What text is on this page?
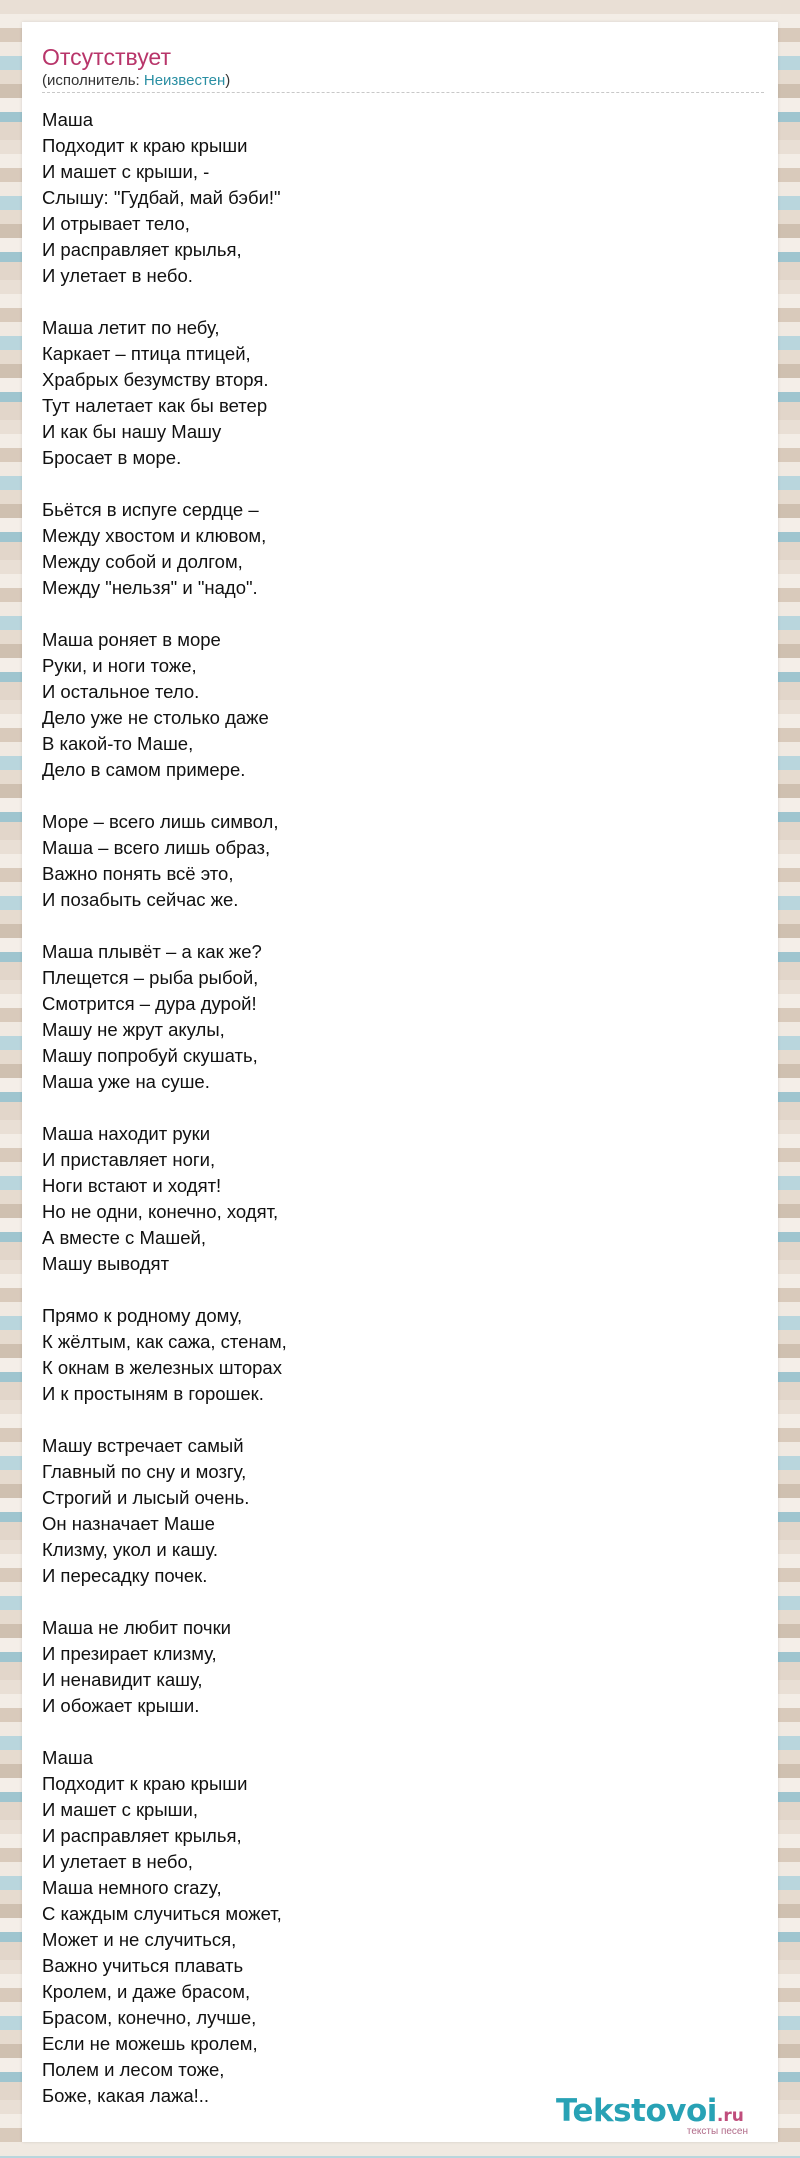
Отсутствует
(исполнитель: Неизвестен)
Маша
Подходит к краю крыши
И машет с крыши, -
Слышу: "Гудбай, май бэби!"
И отрывает тело,
И расправляет крылья,
И улетает в небо.
Маша летит по небу,
Каркает – птица птицей,
Храбрых безумству вторя.
Тут налетает как бы ветер
И как бы нашу Машу
Бросает в море.
Бьётся в испуге сердце –
Между хвостом и клювом,
Между собой и долгом,
Между "нельзя" и "надо".
Маша роняет в море
Руки, и ноги тоже,
И остальное тело.
Дело уже не столько даже
В какой-то Маше,
Дело в самом примере.
Море – всего лишь символ,
Маша – всего лишь образ,
Важно понять всё это,
И позабыть сейчас же.
Маша плывёт – а как же?
Плещется – рыба рыбой,
Смотрится – дура дурой!
Машу не жрут акулы,
Машу попробуй скушать,
Маша уже на суше.
Маша находит руки
И приставляет ноги,
Ноги встают и ходят!
Но не одни, конечно, ходят,
А вместе с Машей,
Машу выводят
Прямо к родному дому,
К жёлтым, как сажа, стенам,
К окнам в железных шторах
И к простыням в горошек.
Машу встречает самый
Главный по сну и мозгу,
Строгий и лысый очень.
Он назначает Маше
Клизму, укол и кашу.
И пересадку почек.
Маша не любит почки
И презирает клизму,
И ненавидит кашу,
И обожает крыши.
Маша
Подходит к краю крыши
И машет с крыши,
И расправляет крылья,
И улетает в небо,
Маша немного crazy,
С каждым случиться может,
Может и не случиться,
Важно учиться плавать
Кролем, и даже брасом,
Брасом, конечно, лучше,
Если не можешь кролем,
Полем и лесом тоже,
Боже, какая лажа!..	Tekstovoi.ru
тексты песен
